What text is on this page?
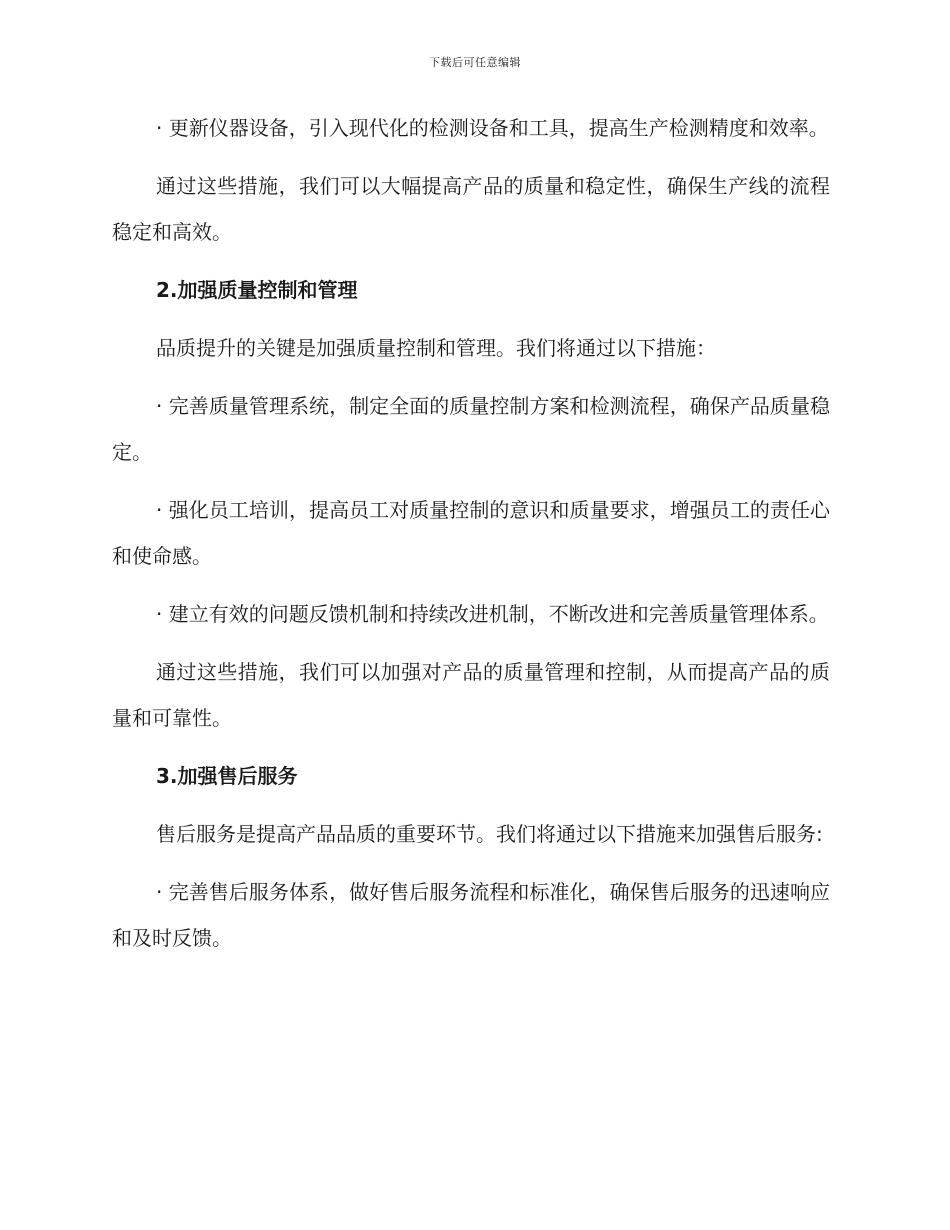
下载后可任意编辑

· 更新仪器设备，引入现代化的检测设备和工具，提高生产检测精度和效率。

通过这些措施，我们可以大幅提高产品的质量和稳定性，确保生产线的流程稳定和高效。

2.加强质量控制和管理

品质提升的关键是加强质量控制和管理。我们将通过以下措施：

· 完善质量管理系统，制定全面的质量控制方案和检测流程，确保产品质量稳定。

· 强化员工培训，提高员工对质量控制的意识和质量要求，增强员工的责任心和使命感。

· 建立有效的问题反馈机制和持续改进机制，不断改进和完善质量管理体系。

通过这些措施，我们可以加强对产品的质量管理和控制，从而提高产品的质量和可靠性。

3.加强售后服务

售后服务是提高产品品质的重要环节。我们将通过以下措施来加强售后服务:

· 完善售后服务体系，做好售后服务流程和标准化，确保售后服务的迅速响应和及时反馈。
